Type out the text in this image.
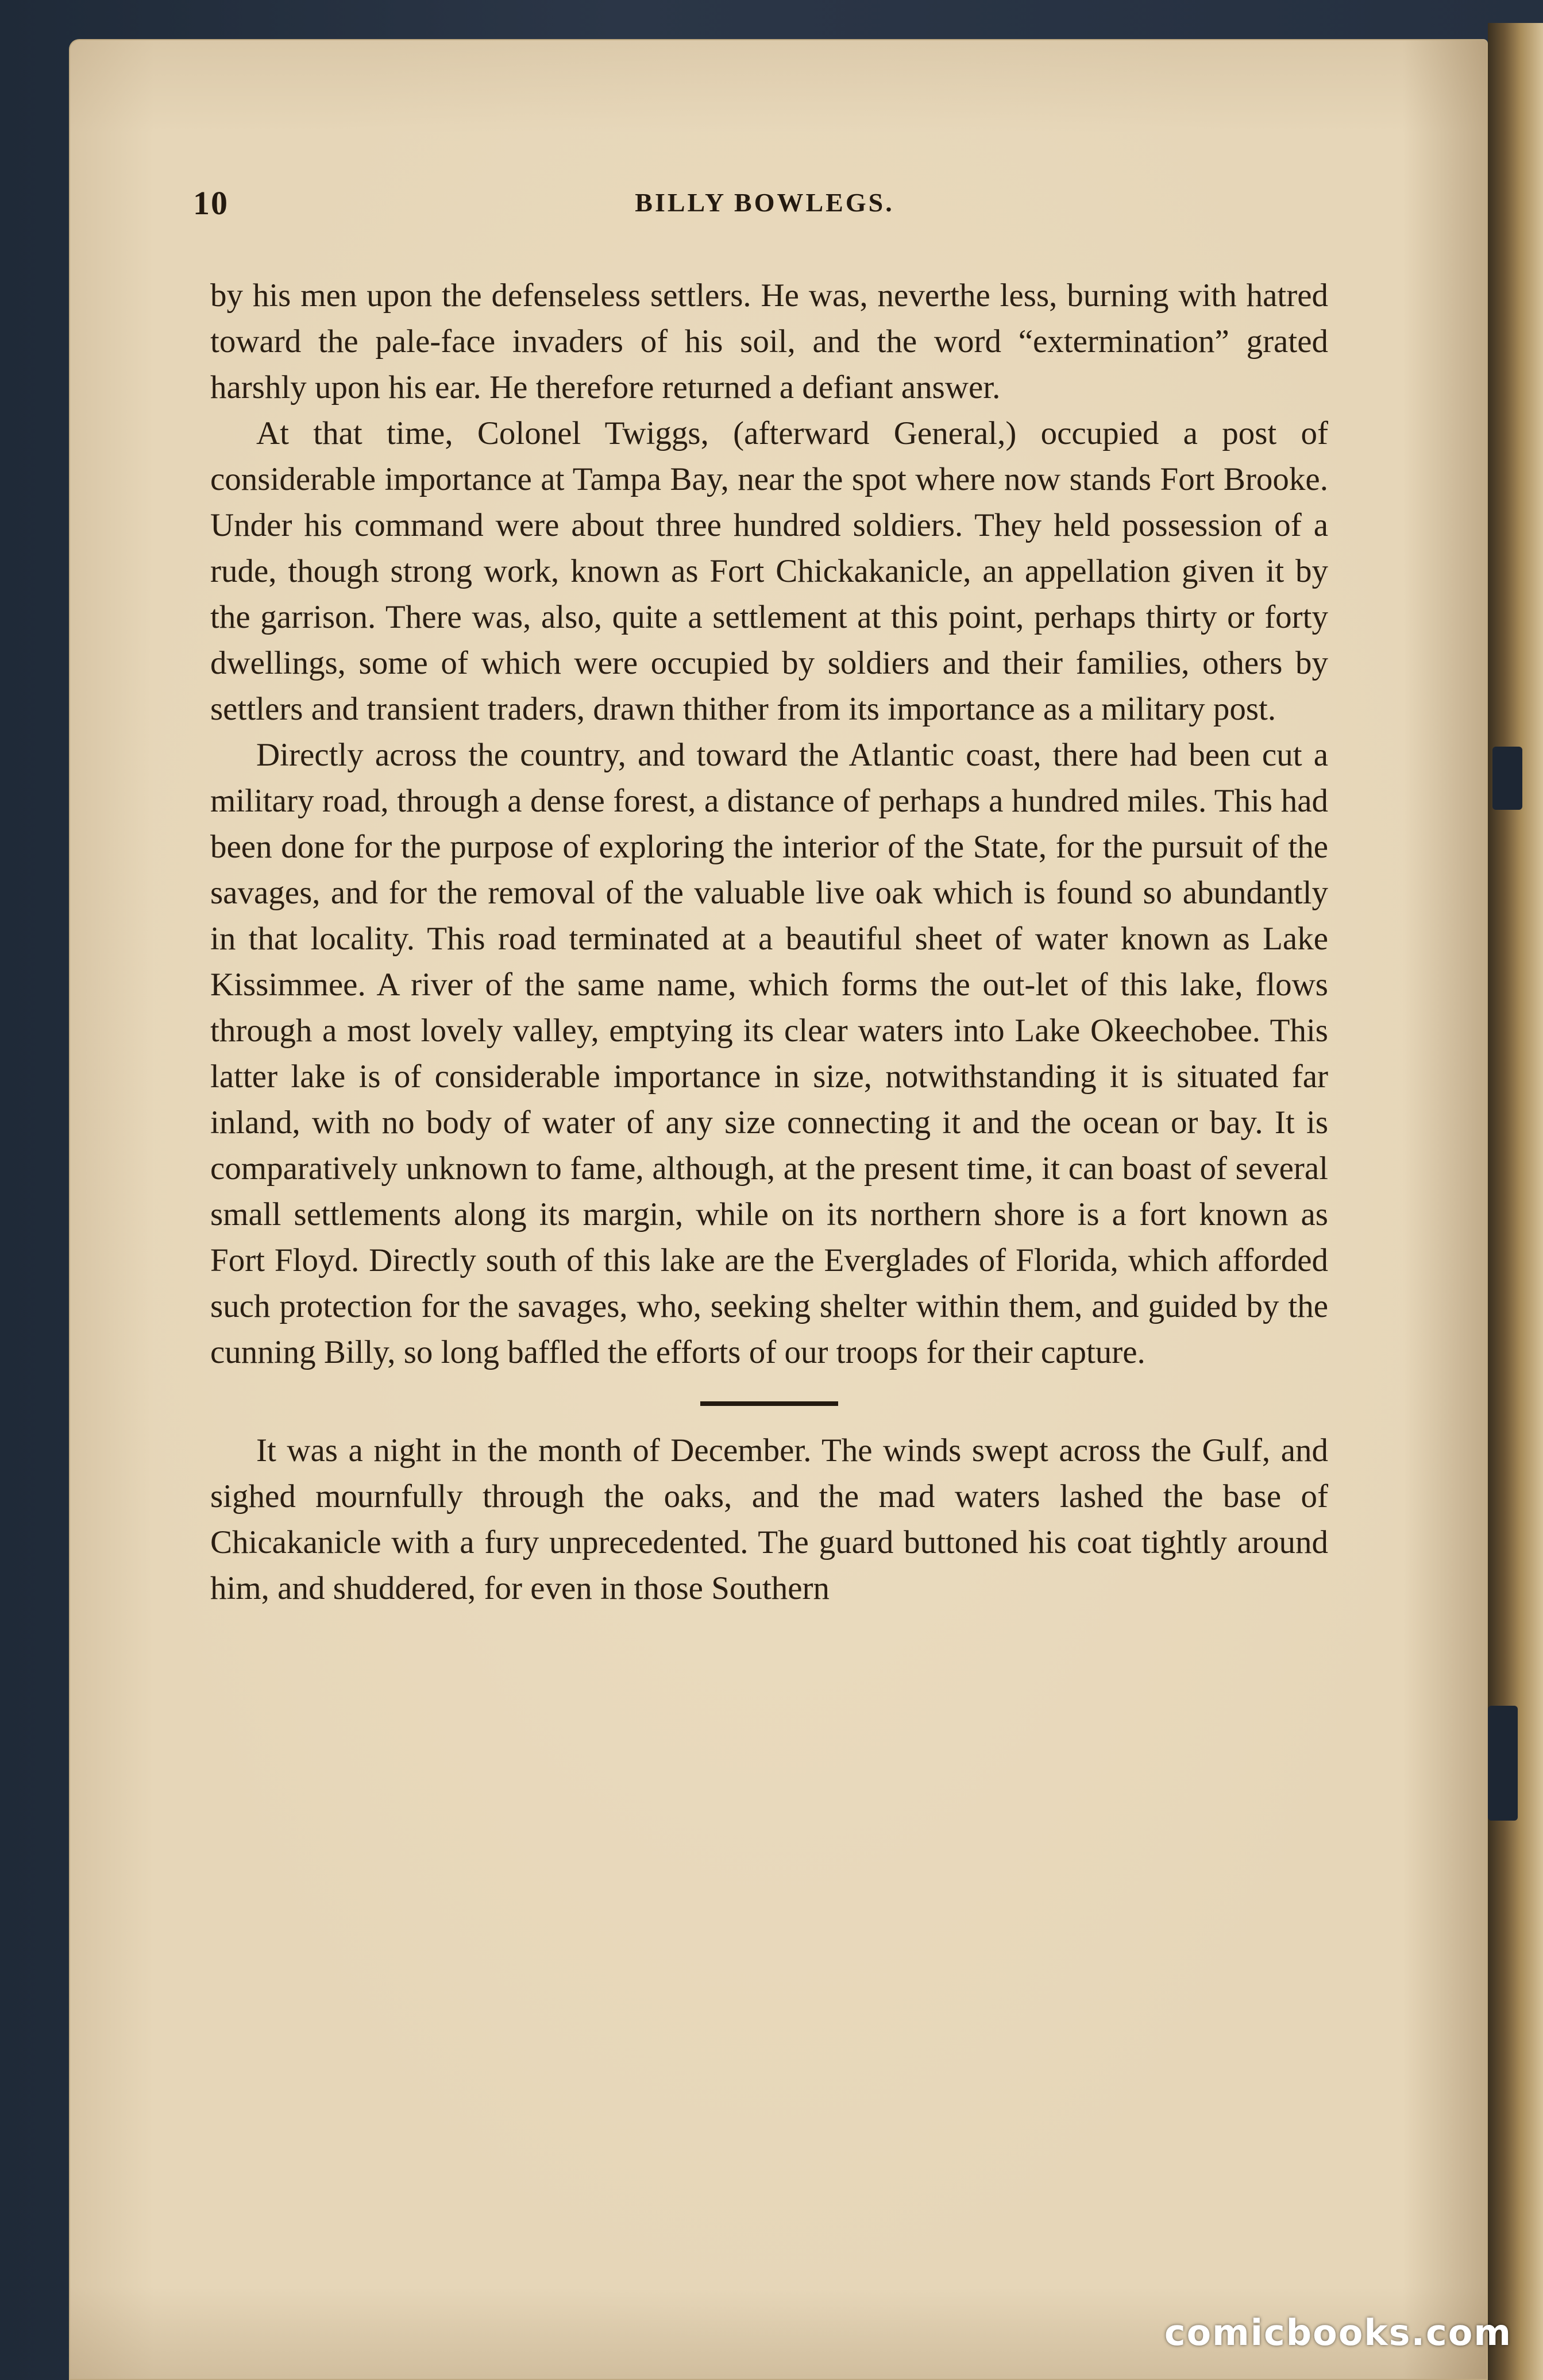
10	BILLY BOWLEGS.

by his men upon the defenseless settlers. He was, neverthe less, burning with hatred toward the pale-face invaders of his soil, and the word “extermination” grated harshly upon his ear. He therefore returned a defiant answer.

At that time, Colonel Twiggs, (afterward General,) occupied a post of considerable importance at Tampa Bay, near the spot where now stands Fort Brooke. Under his command were about three hundred soldiers. They held possession of a rude, though strong work, known as Fort Chickakanicle, an appellation given it by the garrison. There was, also, quite a settlement at this point, perhaps thirty or forty dwellings, some of which were occupied by soldiers and their families, others by settlers and transient traders, drawn thither from its importance as a military post.

Directly across the country, and toward the Atlantic coast, there had been cut a military road, through a dense forest, a distance of perhaps a hundred miles. This had been done for the purpose of exploring the interior of the State, for the pursuit of the savages, and for the removal of the valuable live oak which is found so abundantly in that locality. This road terminated at a beautiful sheet of water known as Lake Kissimmee. A river of the same name, which forms the out-let of this lake, flows through a most lovely valley, emptying its clear waters into Lake Okeechobee. This latter lake is of considerable importance in size, notwithstanding it is situated far inland, with no body of water of any size connecting it and the ocean or bay. It is comparatively unknown to fame, although, at the present time, it can boast of several small settlements along its margin, while on its northern shore is a fort known as Fort Floyd. Directly south of this lake are the Everglades of Florida, which afforded such protection for the savages, who, seeking shelter within them, and guided by the cunning Billy, so long baffled the efforts of our troops for their capture.

It was a night in the month of December. The winds swept across the Gulf, and sighed mournfully through the oaks, and the mad waters lashed the base of Chicakanicle with a fury unprecedented. The guard buttoned his coat tightly around him, and shuddered, for even in those Southern

comicbooks.com
